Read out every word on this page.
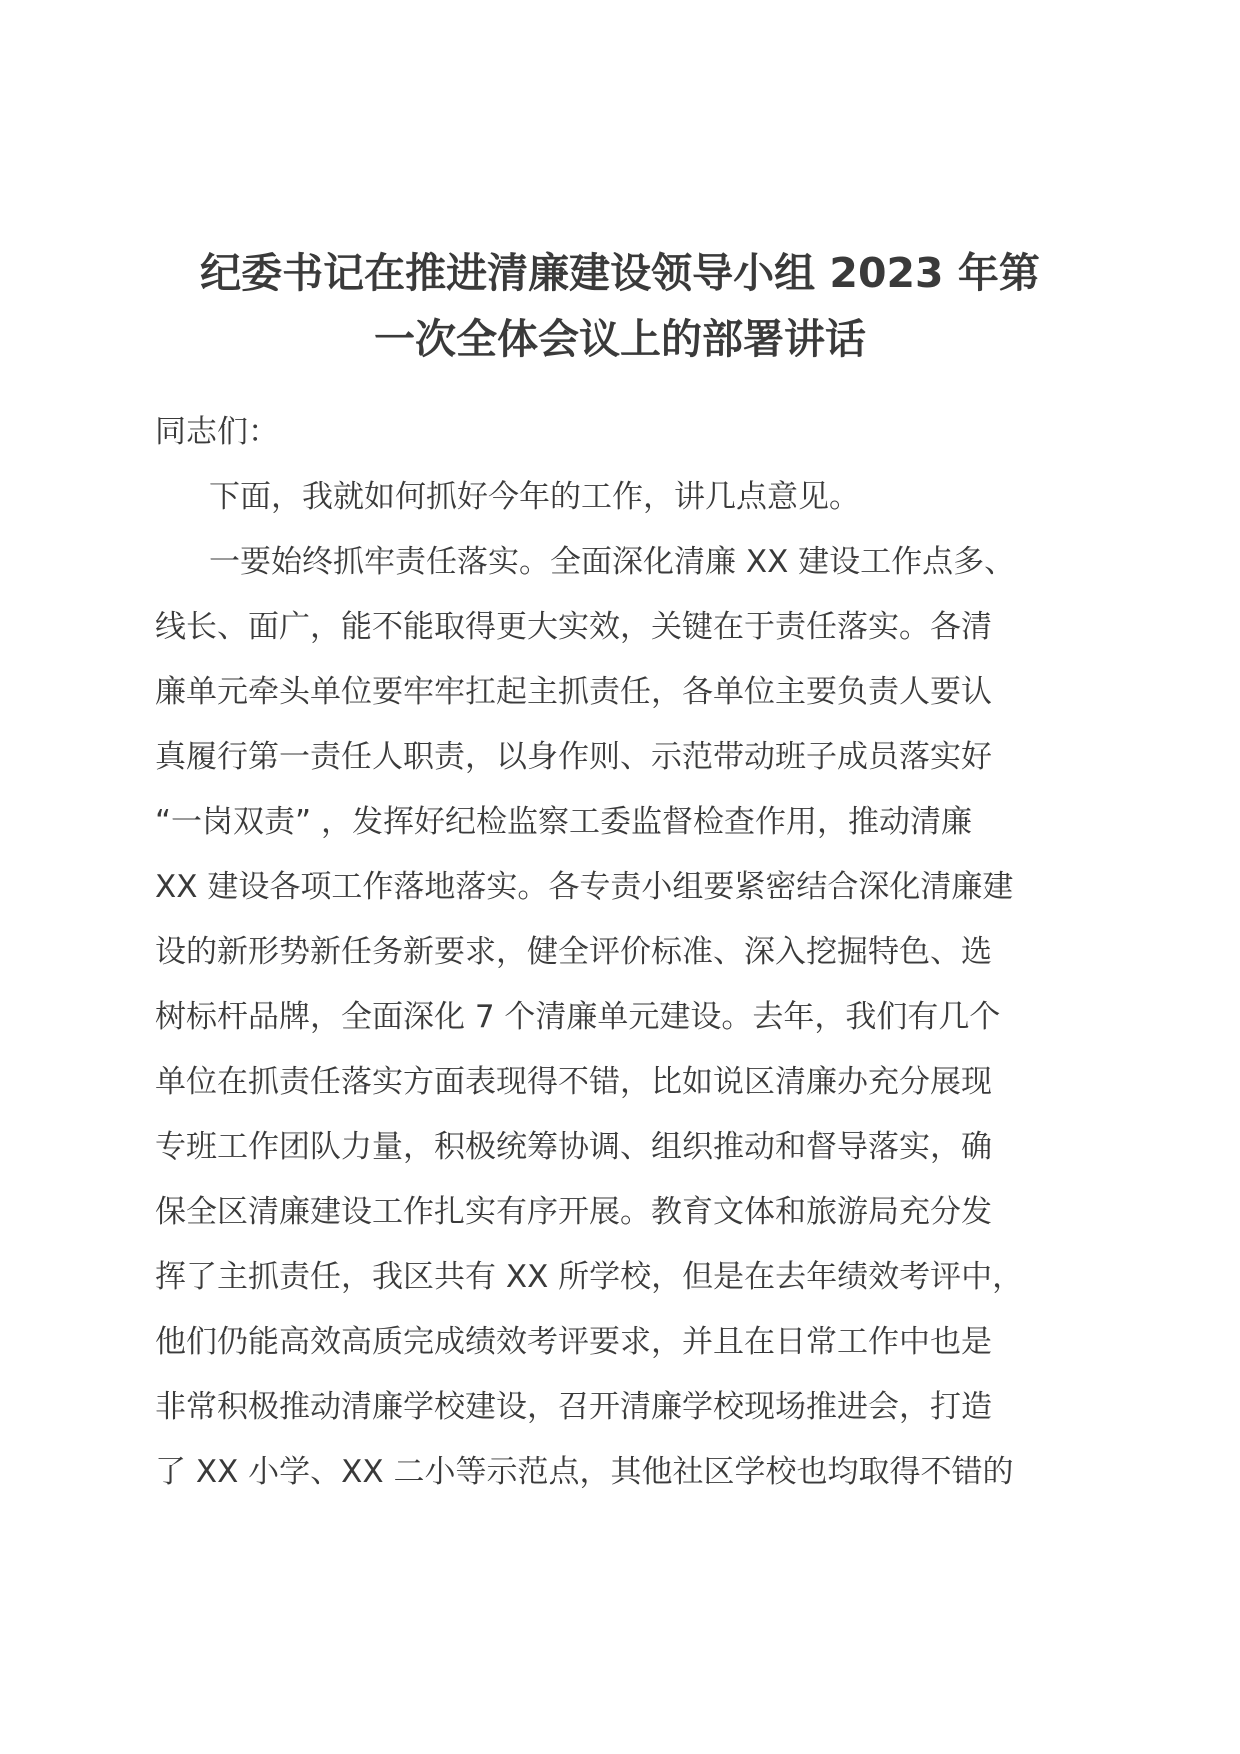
纪委书记在推进清廉建设领导小组 2023 年第
一次全体会议上的部署讲话
同志们：
下面，我就如何抓好今年的工作，讲几点意见。
一要始终抓牢责任落实。全面深化清廉 XX 建设工作点多、
线长、面广，能不能取得更大实效，关键在于责任落实。各清
廉单元牵头单位要牢牢扛起主抓责任，各单位主要负责人要认
真履行第一责任人职责，以身作则、示范带动班子成员落实好
“一岗双责” ，发挥好纪检监察工委监督检查作用，推动清廉
XX 建设各项工作落地落实。各专责小组要紧密结合深化清廉建
设的新形势新任务新要求，健全评价标准、深入挖掘特色、选
树标杆品牌，全面深化 7 个清廉单元建设。去年，我们有几个
单位在抓责任落实方面表现得不错，比如说区清廉办充分展现
专班工作团队力量，积极统筹协调、组织推动和督导落实，确
保全区清廉建设工作扎实有序开展。教育文体和旅游局充分发
挥了主抓责任，我区共有 XX 所学校，但是在去年绩效考评中，
他们仍能高效高质完成绩效考评要求，并且在日常工作中也是
非常积极推动清廉学校建设，召开清廉学校现场推进会，打造
了 XX 小学、XX 二小等示范点，其他社区学校也均取得不错的
